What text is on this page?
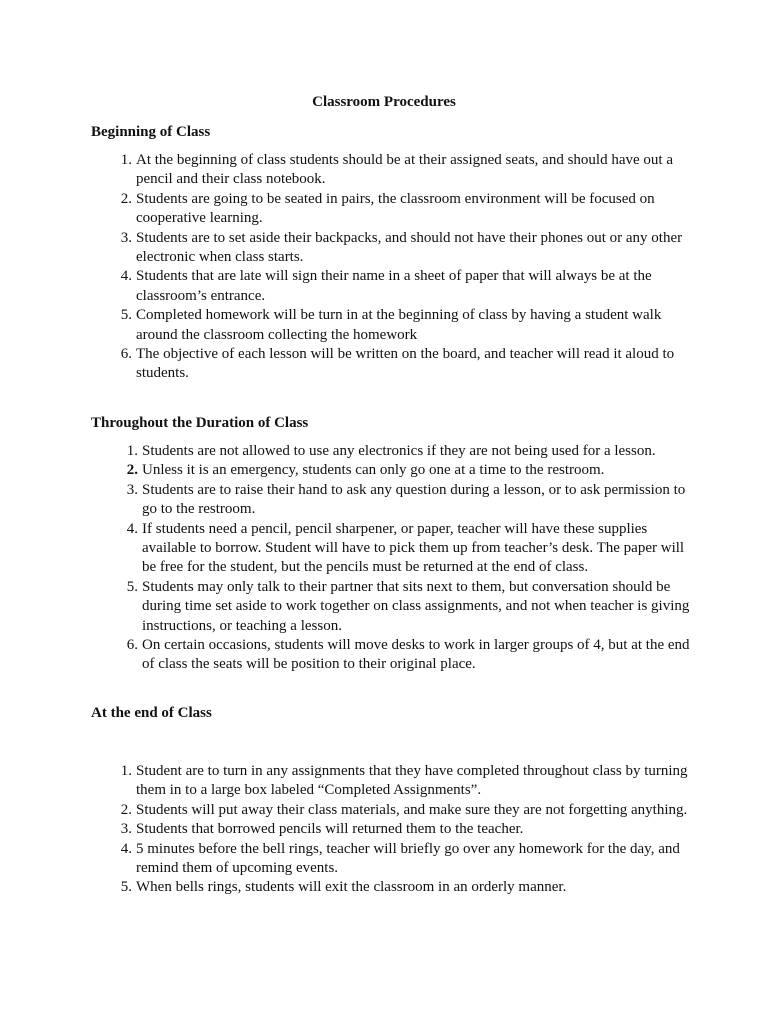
Classroom Procedures
Beginning of Class
1. At the beginning of class students should be at their assigned seats, and should have out a pencil and their class notebook.
2. Students are going to be seated in pairs, the classroom environment will be focused on cooperative learning.
3. Students are to set aside their backpacks, and should not have their phones out or any other electronic when class starts.
4. Students that are late will sign their name in a sheet of paper that will always be at the classroom’s entrance.
5. Completed homework will be turn in at the beginning of class by having a student walk around the classroom collecting the homework
6. The objective of each lesson will be written on the board, and teacher will read it aloud to students.
Throughout the Duration of Class
1. Students are not allowed to use any electronics if they are not being used for a lesson.
2. Unless it is an emergency, students can only go one at a time to the restroom.
3. Students are to raise their hand to ask any question during a lesson, or to ask permission to go to the restroom.
4. If students need a pencil, pencil sharpener, or paper, teacher will have these supplies available to borrow. Student will have to pick them up from teacher’s desk. The paper will be free for the student, but the pencils must be returned at the end of class.
5. Students may only talk to their partner that sits next to them, but conversation should be during time set aside to work together on class assignments, and not when teacher is giving instructions, or teaching a lesson.
6. On certain occasions, students will move desks to work in larger groups of 4, but at the end of class the seats will be position to their original place.
At the end of Class
1. Student are to turn in any assignments that they have completed throughout class by turning them in to a large box labeled “Completed Assignments”.
2. Students will put away their class materials, and make sure they are not forgetting anything.
3. Students that borrowed pencils will returned them to the teacher.
4. 5 minutes before the bell rings, teacher will briefly go over any homework for the day, and remind them of upcoming events.
5. When bells rings, students will exit the classroom in an orderly manner.
